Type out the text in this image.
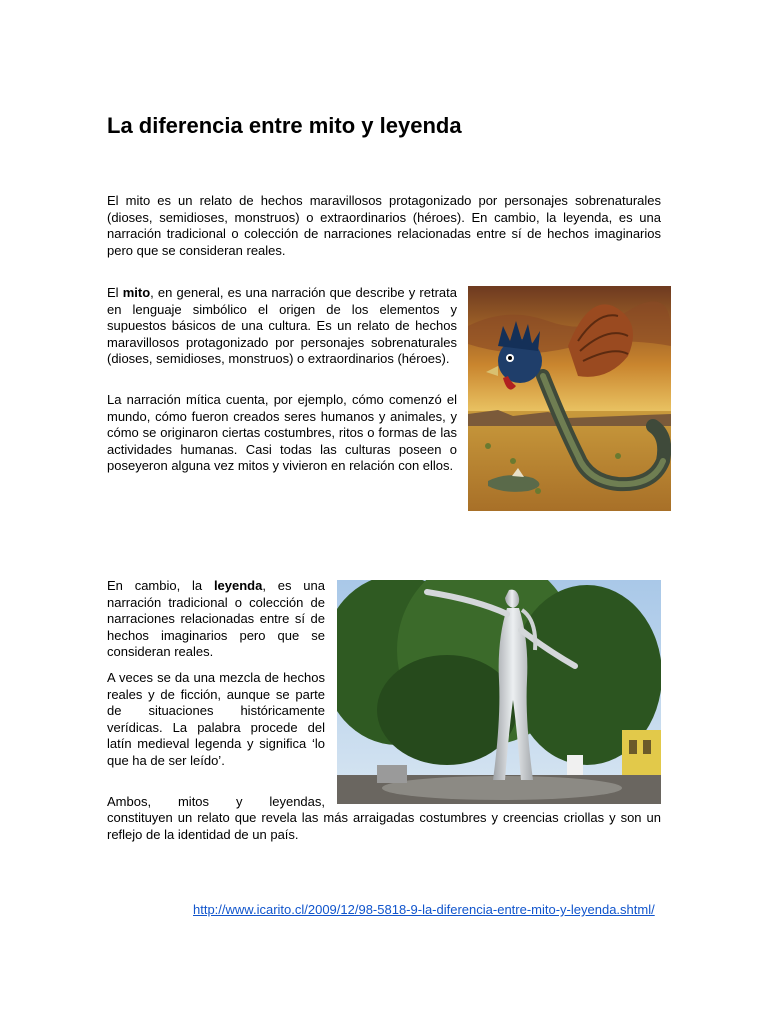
La diferencia entre mito y leyenda

El mito es un relato de hechos maravillosos protagonizado por personajes sobrenaturales (dioses, semidioses, monstruos) o extraordinarios (héroes). En cambio, la leyenda, es una narración tradicional o colección de narraciones relacionadas entre sí de hechos imaginarios pero que se consideran reales.

El mito, en general, es una narración que describe y retrata en lenguaje simbólico el origen de los elementos y supuestos básicos de una cultura. Es un relato de hechos maravillosos protagonizado por personajes sobrenaturales (dioses, semidioses, monstruos) o extraordinarios (héroes).

La narración mítica cuenta, por ejemplo, cómo comenzó el mundo, cómo fueron creados seres humanos y animales, y cómo se originaron ciertas costumbres, ritos o formas de las actividades humanas. Casi todas las culturas poseen o poseyeron alguna vez mitos y vivieron en relación con ellos.

En cambio, la leyenda, es una narración tradicional o colección de narraciones relacionadas entre sí de hechos imaginarios pero que se consideran reales.

A veces se da una mezcla de hechos reales y de ficción, aunque se parte de situaciones históricamente verídicas. La palabra procede del latín medieval legenda y significa ‘lo que ha de ser leído’.

Ambos, mitos y leyendas,

constituyen un relato que revela las más arraigadas costumbres y creencias criollas y son un reflejo de la identidad de un país.

http://www.icarito.cl/2009/12/98-5818-9-la-diferencia-entre-mito-y-leyenda.shtml/
